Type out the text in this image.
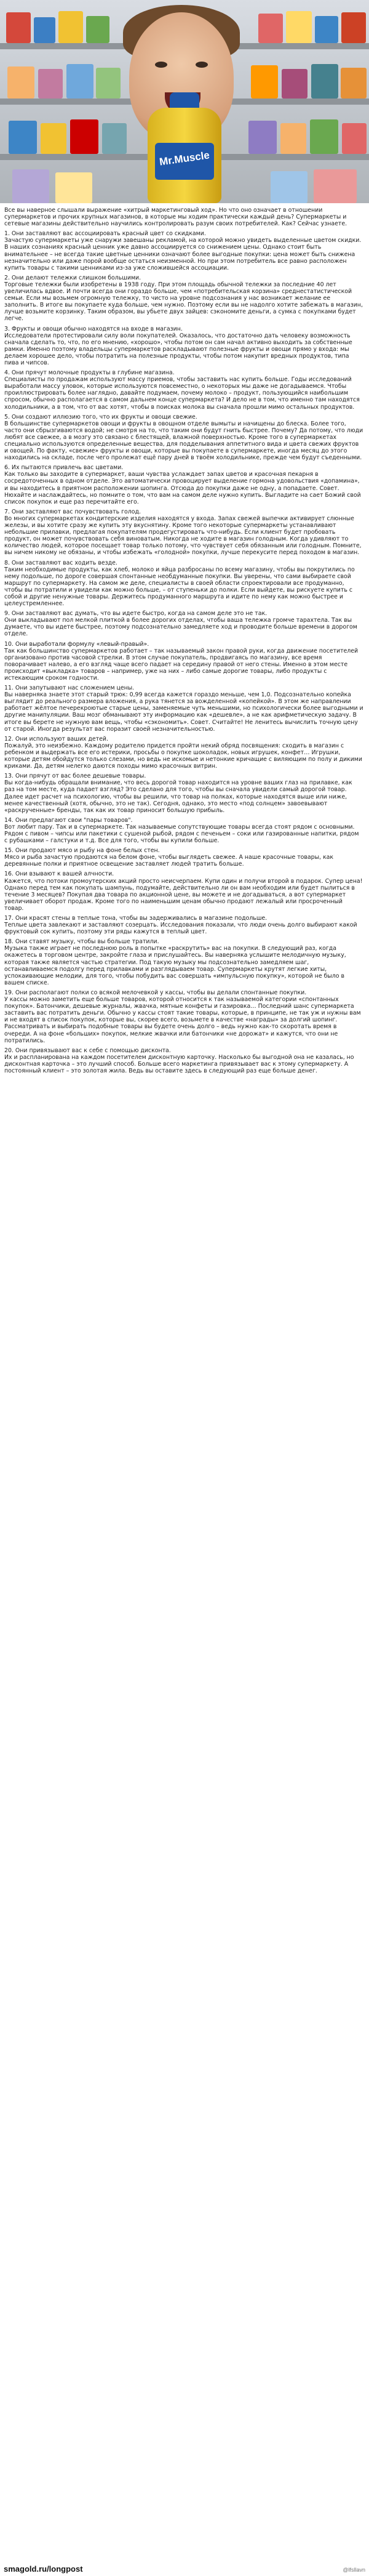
Mr.Muscle

Все вы наверное слышали выражение «хитрый маркетинговый ход». Но что оно означает в отношении супермаркетов и прочих крупных магазинов, в которые мы ходим практически каждый день? Супермаркеты и сетевые магазины действительно научились контролировать разум своих потребителей. Как? Сейчас узнаете.

1. Они заставляют вас ассоциировать красный цвет со скидками.

Зачастую супермаркеты уже снаружи завешаны рекламой, на которой можно увидеть выделенные цветом скидки. В наших сознаниях красный ценник уже давно ассоциируется со снижением цены. Однако стоит быть внимательнее – не всегда такие цветные ценники означают более выгодные покупки: цена может быть снижена незначительно или даже порой вообще остаться неизменной. Но при этом потребитель все равно расположен купить товары с такими ценниками из-за уже сложившейся ассоциации.

2. Они делают тележки слишком большими.

Торговые тележки были изобретены в 1938 году. При этом площадь обычной тележки за последние 40 лет увеличилась вдвое. И почти всегда они гораздо больше, чем «потребительская корзина» среднестатистической семьи. Если мы возьмем огромную тележку, то чисто на уровне подсознания у нас возникает желание ее заполнить. В итоге вы покупаете куда больше, чем нужно. Поэтому если вы не надолго хотите забежать в магазин, лучше возьмите корзинку. Таким образом, вы убьете двух зайцев: сэкономите деньги, а сумка с покупками будет легче.

3. Фрукты и овощи обычно находятся на входе в магазин.

Исследователи протестировали силу воли покупателей. Оказалось, что достаточно дать человеку возможность сначала сделать то, что, по его мнению, «хорошо», чтобы потом он сам начал активно выходить за собственные рамки. Именно поэтому владельцы супермаркетов раскладывают полезные фрукты и овощи прямо у входа: мы делаем хорошее дело, чтобы потратить на полезные продукты, чтобы потом накупит вредных продуктов, типа пива и чипсов.

4. Они прячут молочные продукты в глубине магазина.

Специалисты по продажам используют массу приемов, чтобы заставить нас купить больше. Годы исследований выработали массу уловок, которые используются повсеместно, о некоторых мы даже не догадываемся. Чтобы проиллюстрировать более наглядно, давайте подумаем, почему молоко – продукт, пользующийся наибольшим спросом, обычно располагается в самом дальнем конце супермаркета? И дело не в том, что именно там находятся холодильники, а в том, что от вас хотят, чтобы в поисках молока вы сначала прошли мимо остальных продуктов.

5. Они создают иллюзию того, что их фрукты и овощи свежие.

В большинстве супермаркетов овощи и фрукты в овощном отделе вымыты и начищены до блеска. Более того, часто они сбрызгиваются водой; не смотря на то, что таким они будут гнить быстрее. Почему? Да потому, что люди любят все свежее, а в мозгу это связано с блестящей, влажной поверхностью. Кроме того в супермаркетах специально используются определенные вещества, для подделывания аппетитного вида и цвета свежих фруктов и овощей. По факту, «свежие» фрукты и овощи, которые вы покупаете в супермаркете, иногда месяц до этого находились на складе, после чего пролежат ещё пару дней в твоём холодильнике, прежде чем будут съеденными.

6. Их пытаются привлечь вас цветами.

Как только вы заходите в супермаркет, ваши чувства услаждает запах цветов и красочная пекарня в сосредоточенных в одном отделе. Это автоматически провоцирует выделение гормона удовольствия «допамина», и вы находитесь в приятном расположении шопинга. Отсюда до покупки даже не одну, а попадаете. Совет. Нюхайте и наслаждайтесь, но помните о том, что вам на самом деле нужно купить. Выгладите на сает Божий свой список покупок и еще раз перечитайте его.

7. Они заставляют вас почувствовать голод.

Во многих супермаркетах кондитерские изделия находятся у входа. Запах свежей выпечки активирует слюнные железы, и вы хотите сразу же купить эту вкуснятину. Кроме того некоторые супермаркеты устанавливают небольшие прилавки, предлагая покупателям продегустировать что-нибудь. Если клиент будет пробовать продукт, он может почувствовать себя виноватым. Никогда не ходите в магазин голодным. Когда удивляют то количество людей, которое посещает товар только потому, что чувствует себя обязанным или голодным. Помните, вы ничем никому не обязаны, и чтобы избежать «голодной» покупки, лучше перекусите перед походом в магазин.

8. Они заставляют вас ходить везде.

Таким необходимые продукты, как хлеб, молоко и яйца разбросаны по всему магазину, чтобы вы покрутились по нему подольше, по дороге совершая спонтанные необдуманные покупки. Вы уверены, что сами выбираете свой маршрут по супермаркету. На самом же деле, специалисты в своей области спроектировали все продуманно, чтобы вы потратили и увидели как можно больше, – от ступеньки до полки. Если выйдете, вы рискуете купить с собой и другие ненужные товары. Держитесь продуманного маршрута и идите по нему как можно быстрее и целеустремленнее.

9. Они заставляют вас думать, что вы идете быстро, когда на самом деле это не так.

Они выкладывают пол мелкой плиткой в более дорогих отделах, чтобы ваша тележка громче тарахтела. Так вы думаете, что вы идете быстрее, поэтому подсознательно замедляете ход и проводите больше времени в дорогом отделе.

10. Они выработали формулу «левый-правый».

Так как большинство супермаркетов работает – так называемый закон правой руки, когда движение посетителей организовано против часовой стрелки. В этом случае покупатель, продвигаясь по магазину, все время поворачивает налево, а его взгляд чаще всего падает на середину правой от него стены. Именно в этом месте происходит «выкладка» товаров – например, уже на них – либо самые дорогие товары, либо продукты с истекающим сроком годности.

11. Они запутывают нас сложением цены.

Вы наверняка знаете этот старый трюк: 0,99 всегда кажется гораздо меньше, чем 1,0. Подсознательно копейка выглядит до реального размера вложения, а рука тянется за вожделенной «копейкой». В этом же направлении работает жёлтое печерекроютые старые цены, заменяемые чуть меньшими, но психологически более выгодными и другие манипуляции. Ваш мозг обманывают эту информацию как «дешевле», а не как арифметическую задачу. В итоге вы берете не нужную вам вещь, чтобы «сэкономить». Совет. Считайте! Не ленитесь вычислить точную цену от старой. Иногда результат вас поразит своей незначительностью.

12. Они используют ваших детей.

Пожалуй, это неизбежно. Каждому родителю придется пройти некий обряд посвящения: сходить в магазин с ребенком и выдержать все его истерики, просьбы о покупке шоколадок, новых игрушек, конфет… Игрушки, которые детям обойдутся только слезами, но ведь не искомые и нетонкие кричащие с виляющим по полу и дикими криками. Да, детям нелегко даются походы мимо красочных витрин.

13. Они прячут от вас более дешевые товары.

Вы когда-нибудь обращали внимание, что весь дорогой товар находится на уровне ваших глаз на прилавке, как раз на том месте, куда падает взгляд? Это сделано для того, чтобы вы сначала увидели самый дорогой товар. Далее идет расчет на психологию, чтобы вы решили, что товар на полках, которые находятся выше или ниже, менее качественный (хотя, обычно, это не так). Сегодня, однако, это место «под солнцем» завоевывают «раскрученные» бренды, так как их товар приносит большую прибыль.

14. Они предлагают свои "пары товаров".

Вот любит пару. Так и в супермаркете. Так называемые сопутствующие товары всегда стоят рядом с основными. Рядом с пивом – чипсы или пакетики с сушеной рыбой, рядом с печеньем – соки или газированные напитки, рядом с рубашками – галстуки и т.д. Все для того, чтобы вы купили больше.

15. Они продают мясо и рыбу на фоне белых стен.

Мясо и рыба зачастую продаются на белом фоне, чтобы выглядеть свежее. А наше красочные товары, как деревянные полки и приятное освещение заставляет людей тратить больше.

16. Они взывают к вашей алчности.

Кажется, что потоки промоутерских акций просто неисчерпаем. Купи один и получи второй в подарок. Супер цена! Однако перед тем как покупать шампунь, подумайте, действительно ли он вам необходим или будет пылиться в течение 3 месяцев? Покупая два товара по акционной цене, вы можете и не догадываться, а вот супермаркет увеличивает оборот продаж. Кроме того по наименьшим ценам обычно продают лежалый или просроченный товар.

17. Они красят стены в теплые тона, чтобы вы задерживались в магазине подольше.

Теплые цвета завлекают и заставляют созерцать. Исследования показали, что люди очень долго выбирают какой фруктовый сок купить, поэтому эти ряды кажутся в теплый цвет.

18. Они ставят музыку, чтобы вы больше тратили.

Музыка также играет не последнюю роль в попытке «раскрутить» вас на покупки. В следующий раз, когда окажетесь в торговом центре, закройте глаза и прислушайтесь. Вы наверняка услышите мелодичную музыку, которая также является частью стратегии. Под такую музыку мы подсознательно замедляем шаг, останавливаемся подолгу перед прилавками и разглядываем товар. Супермаркеты крутят легкие хиты, успокаивающие мелодии, для того, чтобы побудить вас совершать «импульсную покупку», которой не было в вашем списке.

19. Они располагают полки со всякой мелочевкой у кассы, чтобы вы делали спонтанные покупки.

У кассы можно заметить еще больше товаров, которой относится к так называемой категории «спонтанных покупок». Батончики, дешевые журналы, жвачка, мятные конфеты и газировка… Последний шанс супермаркета заставить вас потратить деньги. Обычно у кассы стоят такие товары, которые, в принципе, не так уж и нужны вам и не входят в список покупок, которые вы, скорее всего, возьмете в качестве «награды» за долгий шопинг. Рассматривать и выбирать подобные товары вы будете очень долго – ведь нужно как-то скоротать время в очереди. А на фоне «больших» покупок, мелкие жвачки или батончики «не дорожат» и кажутся, что они не потратились.

20. Они привязывают вас к себе с помощью дисконта.

Их и распланирована на каждом посетителем дисконтную карточку. Насколько бы выгодной она не казалась, но дисконтная карточка – это лучший способ. Больше всего маркетинга привязывает вас к этому супермаркету. А постоянный клиент – это золотая жила. Ведь вы оставите здесь в следующий раз еще больше денег.

smagold.ru/longpost	@lfsllavn
